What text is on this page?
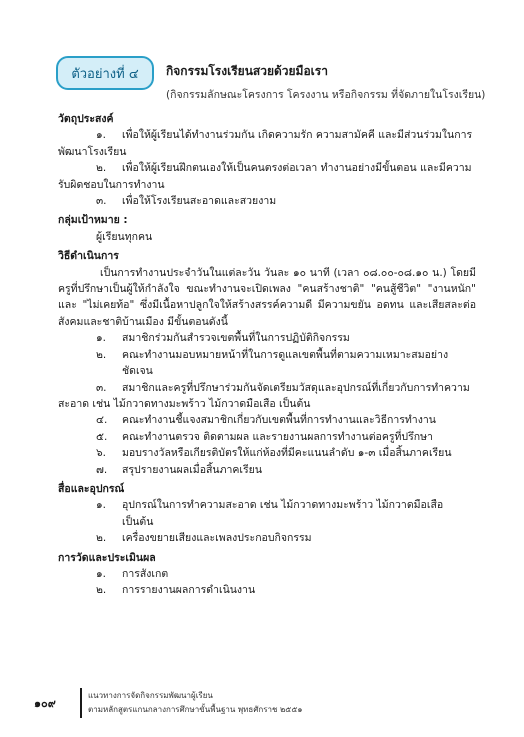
ตัวอย่างที่ ๔ กิจกรรมโรงเรียนสวยด้วยมือเรา
(กิจกรรมลักษณะโครงการ โครงงาน หรือกิจกรรม ที่จัดภายในโรงเรียน)
วัตถุประสงค์
๑. เพื่อให้ผู้เรียนได้ทำงานร่วมกัน เกิดความรัก ความสามัคคี และมีส่วนร่วมในการพัฒนาโรงเรียน
๒. เพื่อให้ผู้เรียนฝึกตนเองให้เป็นคนตรงต่อเวลา ทำงานอย่างมีขั้นตอน และมีความรับผิดชอบในการทำงาน
๓. เพื่อให้โรงเรียนสะอาดและสวยงาม
กลุ่มเป้าหมาย :
ผู้เรียนทุกคน
วิธีดำเนินการ
เป็นการทำงานประจำวันในแต่ละวัน วันละ ๑๐ นาที (เวลา ๐๘.๐๐-๐๘.๑๐ น.) โดยมีครูที่ปรึกษาเป็นผู้ให้กำลังใจ ขณะทำงานจะเปิดเพลง "คนสร้างชาติ" "คนสู้ชีวิต" "งานหนัก" และ "ไม่เคยท้อ" ซึ่งมีเนื้อหาปลูกใจให้สร้างสรรค์ความดี มีความขยัน อดทน และเสียสละต่อสังคมและชาติบ้านเมือง มีขั้นตอนดังนี้
๑. สมาชิกร่วมกันสำรวจเขตพื้นที่ในการปฏิบัติกิจกรรม
๒. คณะทำงานมอบหมายหน้าที่ในการดูแลเขตพื้นที่ตามความเหมาะสมอย่างชัดเจน
๓. สมาชิกและครูที่ปรึกษาร่วมกันจัดเตรียมวัสดุและอุปกรณ์ที่เกี่ยวกับการทำความสะอาด เช่น ไม้กวาดทางมะพร้าว ไม้กวาดมือเสือ เป็นต้น
๔. คณะทำงานชี้แจงสมาชิกเกี่ยวกับเขตพื้นที่การทำงานและวิธีการทำงาน
๕. คณะทำงานตรวจ ติดตามผล และรายงานผลการทำงานต่อครูที่ปรึกษา
๖. มอบรางวัลหรือเกียรติบัตรให้แก่ห้องที่มีคะแนนลำดับ ๑-๓ เมื่อสิ้นภาคเรียน
๗. สรุปรายงานผลเมื่อสิ้นภาคเรียน
สื่อและอุปกรณ์
๑. อุปกรณ์ในการทำความสะอาด เช่น ไม้กวาดทางมะพร้าว ไม้กวาดมือเสือ เป็นต้น
๒. เครื่องขยายเสียงและเพลงประกอบกิจกรรม
การวัดและประเมินผล
๑. การสังเกต
๒. การรายงานผลการดำเนินงาน
๑๐๙
แนวทางการจัดกิจกรรมพัฒนาผู้เรียน
ตามหลักสูตรแกนกลางการศึกษาขั้นพื้นฐาน พุทธศักราช ๒๕๕๑
